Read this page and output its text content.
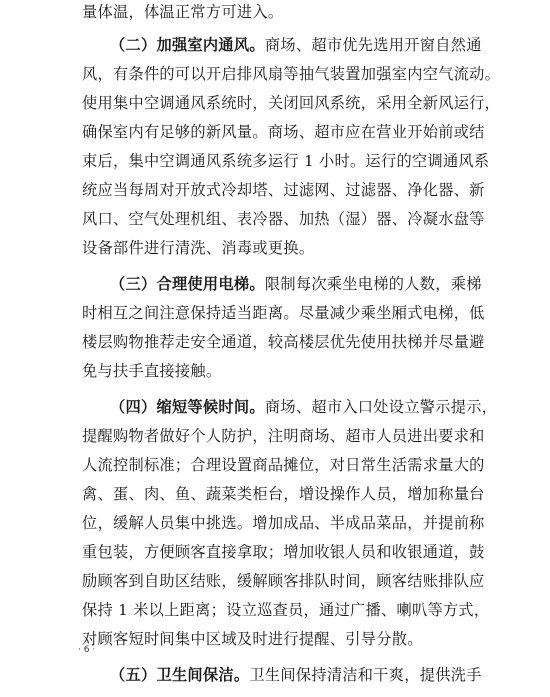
量体温，体温正常方可进入。
（二）加强室内通风。商场、超市优先选用开窗自然通
风，有条件的可以开启排风扇等抽气装置加强室内空气流动。
使用集中空调通风系统时，关闭回风系统，采用全新风运行，
确保室内有足够的新风量。商场、超市应在营业开始前或结
束后，集中空调通风系统多运行 1 小时。运行的空调通风系
统应当每周对开放式冷却塔、过滤网、过滤器、净化器、新
风口、空气处理机组、表冷器、加热（湿）器、冷凝水盘等
设备部件进行清洗、消毒或更换。
（三）合理使用电梯。限制每次乘坐电梯的人数，乘梯
时相互之间注意保持适当距离。尽量减少乘坐厢式电梯，低
楼层购物推荐走安全通道，较高楼层优先使用扶梯并尽量避
免与扶手直接接触。
（四）缩短等候时间。商场、超市入口处设立警示提示，
提醒购物者做好个人防护，注明商场、超市人员进出要求和
人流控制标准；合理设置商品摊位，对日常生活需求量大的
禽、蛋、肉、鱼、蔬菜类柜台，增设操作人员，增加称量台
位，缓解人员集中挑选。增加成品、半成品菜品，并提前称
重包装，方便顾客直接拿取；增加收银人员和收银通道，鼓
励顾客到自助区结账，缓解顾客排队时间，顾客结账排队应
保持 1 米以上距离；设立巡查员，通过广播、喇叭等方式，
对顾客短时间集中区域及时进行提醒、引导分散。
（五）卫生间保洁。卫生间保持清洁和干爽，提供洗手
· 6 ·
